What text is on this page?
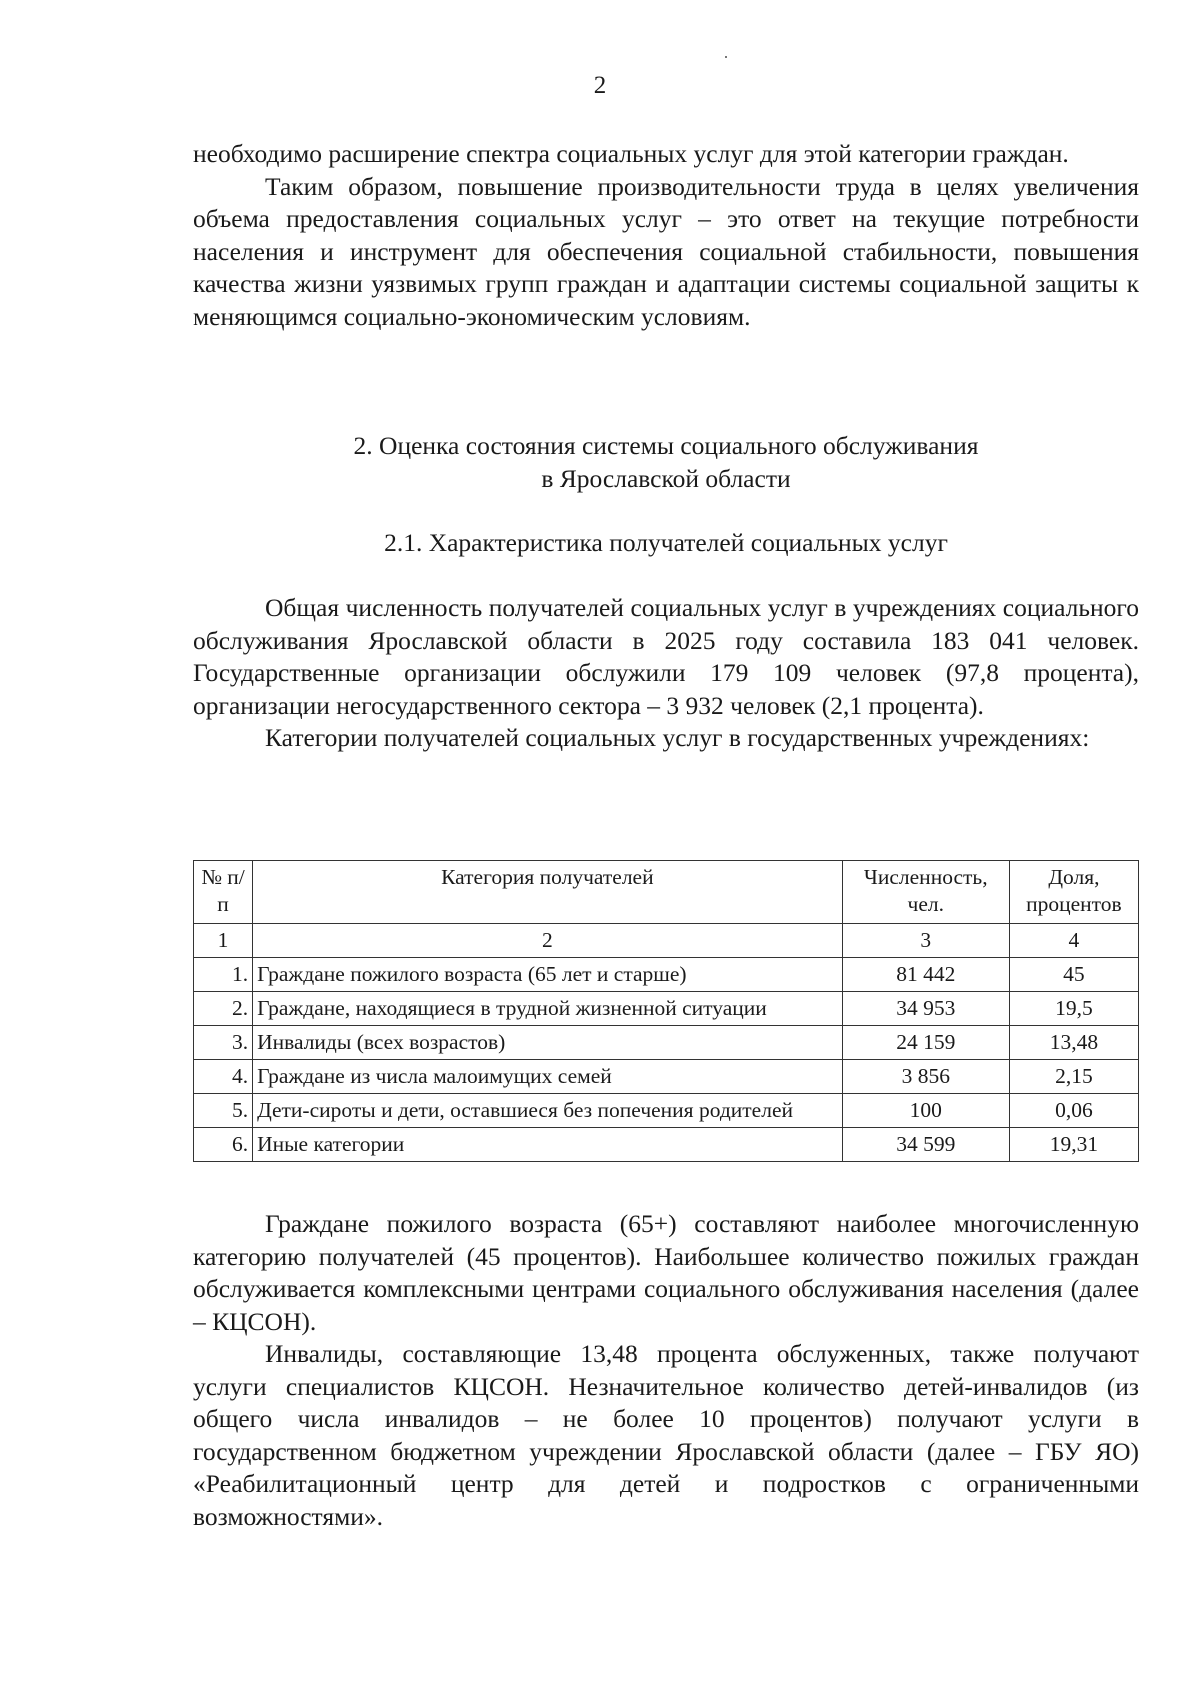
2

необходимо расширение спектра социальных услуг для этой категории граждан.

Таким образом, повышение производительности труда в целях увеличения объема предоставления социальных услуг – это ответ на текущие потребности населения и инструмент для обеспечения социальной стабильности, повышения качества жизни уязвимых групп граждан и адаптации системы социальной защиты к меняющимся социально-экономическим условиям.

2. Оценка состояния системы социального обслуживания

в Ярославской области

2.1. Характеристика получателей социальных услуг

Общая численность получателей социальных услуг в учреждениях социального обслуживания Ярославской области в 2025 году составила 183 041 человек. Государственные организации обслужили 179 109 человек (97,8 процента), организации негосударственного сектора – 3 932 человек (2,1 процента).

Категории получателей социальных услуг в государственных учреждениях:

№ п/п	Категория получателей	Численность, чел.	Доля, процентов
1	2	3	4
1.	Граждане пожилого возраста (65 лет и старше)	81 442	45
2.	Граждане, находящиеся в трудной жизненной ситуации	34 953	19,5
3.	Инвалиды (всех возрастов)	24 159	13,48
4.	Граждане из числа малоимущих семей	3 856	2,15
5.	Дети-сироты и дети, оставшиеся без попечения родителей	100	0,06
6.	Иные категории	34 599	19,31

Граждане пожилого возраста (65+) составляют наиболее многочисленную категорию получателей (45 процентов). Наибольшее количество пожилых граждан обслуживается комплексными центрами социального обслуживания населения (далее – КЦСОН).

Инвалиды, составляющие 13,48 процента обслуженных, также получают услуги специалистов КЦСОН. Незначительное количество детей-инвалидов (из общего числа инвалидов – не более 10 процентов) получают услуги в государственном бюджетном учреждении Ярославской области (далее – ГБУ ЯО) «Реабилитационный центр для детей и подростков с ограниченными возможностями».
